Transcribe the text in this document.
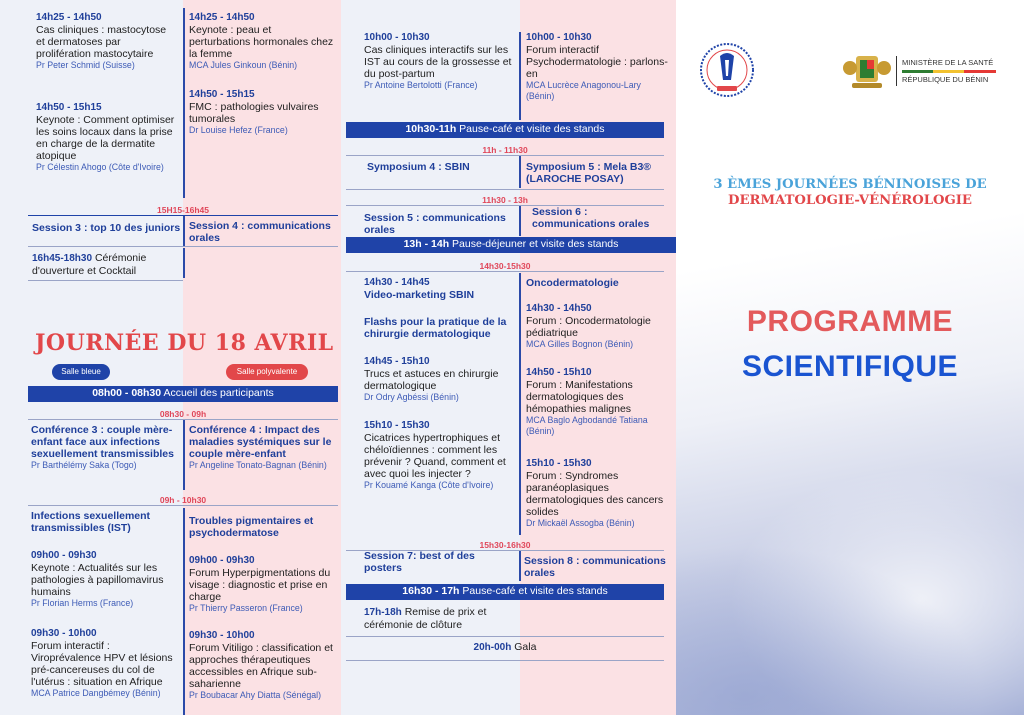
14h25 - 14h50
Cas cliniques : mastocytose et dermatoses par prolifération mastocytaire
Pr Peter Schmid (Suisse)
14h50 - 15h15
Keynote : Comment optimiser les soins locaux dans la prise en charge de la dermatite atopique
Pr Célestin Ahogo (Côte d'Ivoire)
14h25 - 14h50
Keynote : peau et perturbations hormonales chez la femme
MCA Jules Ginkoun (Bénin)
14h50 - 15h15
FMC : pathologies vulvaires tumorales
Dr Louise Hefez (France)
15H15-16h45
Session 3 : top 10 des juniors Session 4 : communications orales
16h45-18h30 Cérémonie d'ouverture et Cocktail
JOURNÉE DU 18 AVRIL
Salle bleue	Salle polyvalente
08h00 - 08h30 Accueil des participants
08h30 - 09h
Conférence 3 : couple mère-enfant face aux infections sexuellement transmissibles
Pr Barthélémy Saka (Togo)
Conférence 4 : Impact des maladies systémiques sur le couple mère-enfant
Pr Angeline Tonato-Bagnan (Bénin)
09h - 10h30
Infections sexuellement transmissibles (IST)
09h00 - 09h30
Keynote : Actualités sur les pathologies à papillomavirus humains
Pr Florian Herms (France)
09h30 - 10h00
Forum interactif : Viroprévalence HPV et lésions pré-cancereuses du col de l'utérus : situation en Afrique
MCA Patrice Dangbémey (Bénin)
Troubles pigmentaires et psychodermatose
09h00 - 09h30
Forum Hyperpigmentations du visage : diagnostic et prise en charge
Pr Thierry Passeron (France)
09h30 - 10h00
Forum Vitiligo : classification et approches thérapeutiques accessibles en Afrique sub-saharienne
Pr Boubacar Ahy Diatta (Sénégal)
10h00 - 10h30
Cas cliniques interactifs sur les IST au cours de la grossesse et du post-partum
Pr Antoine Bertolotti (France)
10h00 - 10h30
Forum interactif Psychodermatologie : parlons-en
MCA Lucrèce Anagonou-Lary (Bénin)
10h30-11h Pause-café et visite des stands
11h - 11h30
Symposium 4 : SBIN	Symposium 5 : Mela B3® (LAROCHE POSAY)
11h30 - 13h
Session 5 : communications orales
Session 6 : communications orales
13h - 14h Pause-déjeuner et visite des stands
14h30-15h30
14h30 - 14h45
Video-marketing SBIN
Flashs pour la pratique de la chirurgie dermatologique
14h45 - 15h10
Trucs et astuces en chirurgie dermatologique
Dr Odry Agbéssi (Bénin)
15h10 - 15h30
Cicatrices hypertrophiques et chéloïdiennes : comment les prévenir ? Quand, comment et avec quoi les injecter ?
Pr Kouamé Kanga (Côte d'Ivoire)
Oncodermatologie
14h30 - 14h50
Forum : Oncodermatologie pédiatrique
MCA Gilles Bognon (Bénin)
14h50 - 15h10
Forum : Manifestations dermatologiques des hémopathies malignes
MCA Baglo Agbodandé Tatiana (Bénin)
15h10 - 15h30
Forum : Syndromes paranéoplasiques dermatologiques des cancers solides
Dr Mickaël Assogba (Bénin)
15h30-16h30
Session 7: best of des posters
Session 8 : communications orales
16h30 - 17h Pause-café et visite des stands
17h-18h Remise de prix et cérémonie de clôture
20h-00h Gala
MINISTÈRE DE LA SANTÉ
RÉPUBLIQUE DU BÉNIN
3 ÈMES JOURNÉES BÉNINOISES DE
DERMATOLOGIE-VÉNÉROLOGIE
PROGRAMME
SCIENTIFIQUE
